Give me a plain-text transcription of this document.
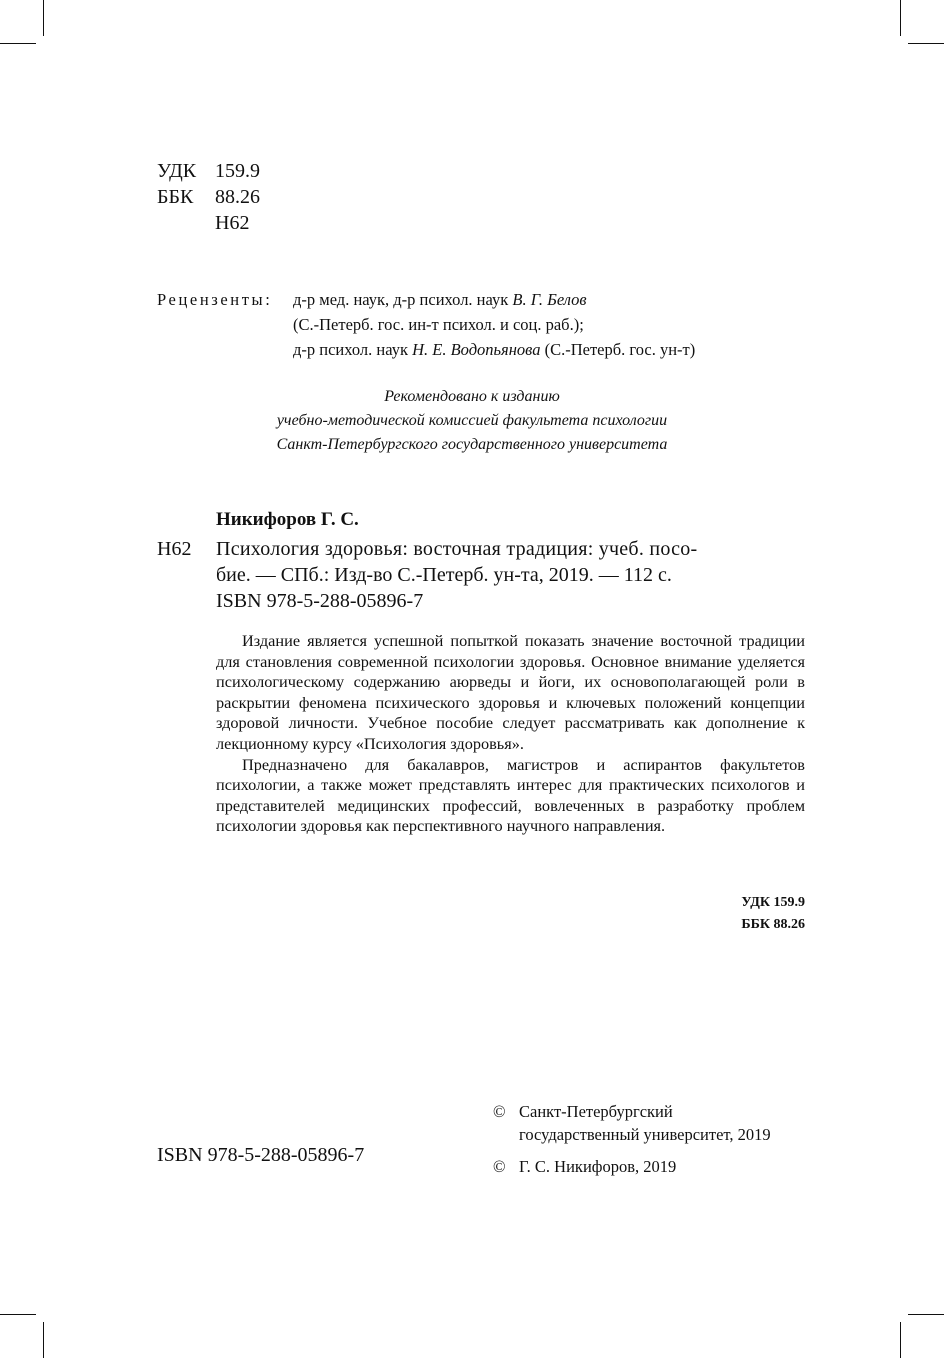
УДК 159.9
ББК 88.26
Н62
Рецензенты: д-р мед. наук, д-р психол. наук В. Г. Белов
(С.-Петерб. гос. ин-т психол. и соц. раб.);
д-р психол. наук Н. Е. Водопьянова (С.-Петерб. гос. ун-т)
Рекомендовано к изданию
учебно-методической комиссией факультета психологии
Санкт-Петербургского государственного университета
Никифоров Г. С.
Н62 Психология здоровья: восточная традиция: учеб. посо-
бие. — СПб.: Изд-во С.-Петерб. ун-та, 2019. — 112 с.
ISBN 978-5-288-05896-7

Издание является успешной попыткой показать значение восточной традиции для становления современной психологии здоровья. Основное внимание уделяется психологическому содержанию аюрведы и йоги, их основополагающей роли в раскрытии феномена психического здоровья и ключевых положений концепции здоровой личности. Учебное пособие следует рассматривать как дополнение к лекционному курсу «Психология здоровья».

Предназначено для бакалавров, магистров и аспирантов факультетов психологии, а также может представлять интерес для практических психологов и представителей медицинских профессий, вовлеченных в разработку проблем психологии здоровья как перспективного научного направления.

УДК 159.9
ББК 88.26
ISBN 978-5-288-05896-7
© Санкт-Петербургский
государственный университет, 2019
© Г. С. Никифоров, 2019
